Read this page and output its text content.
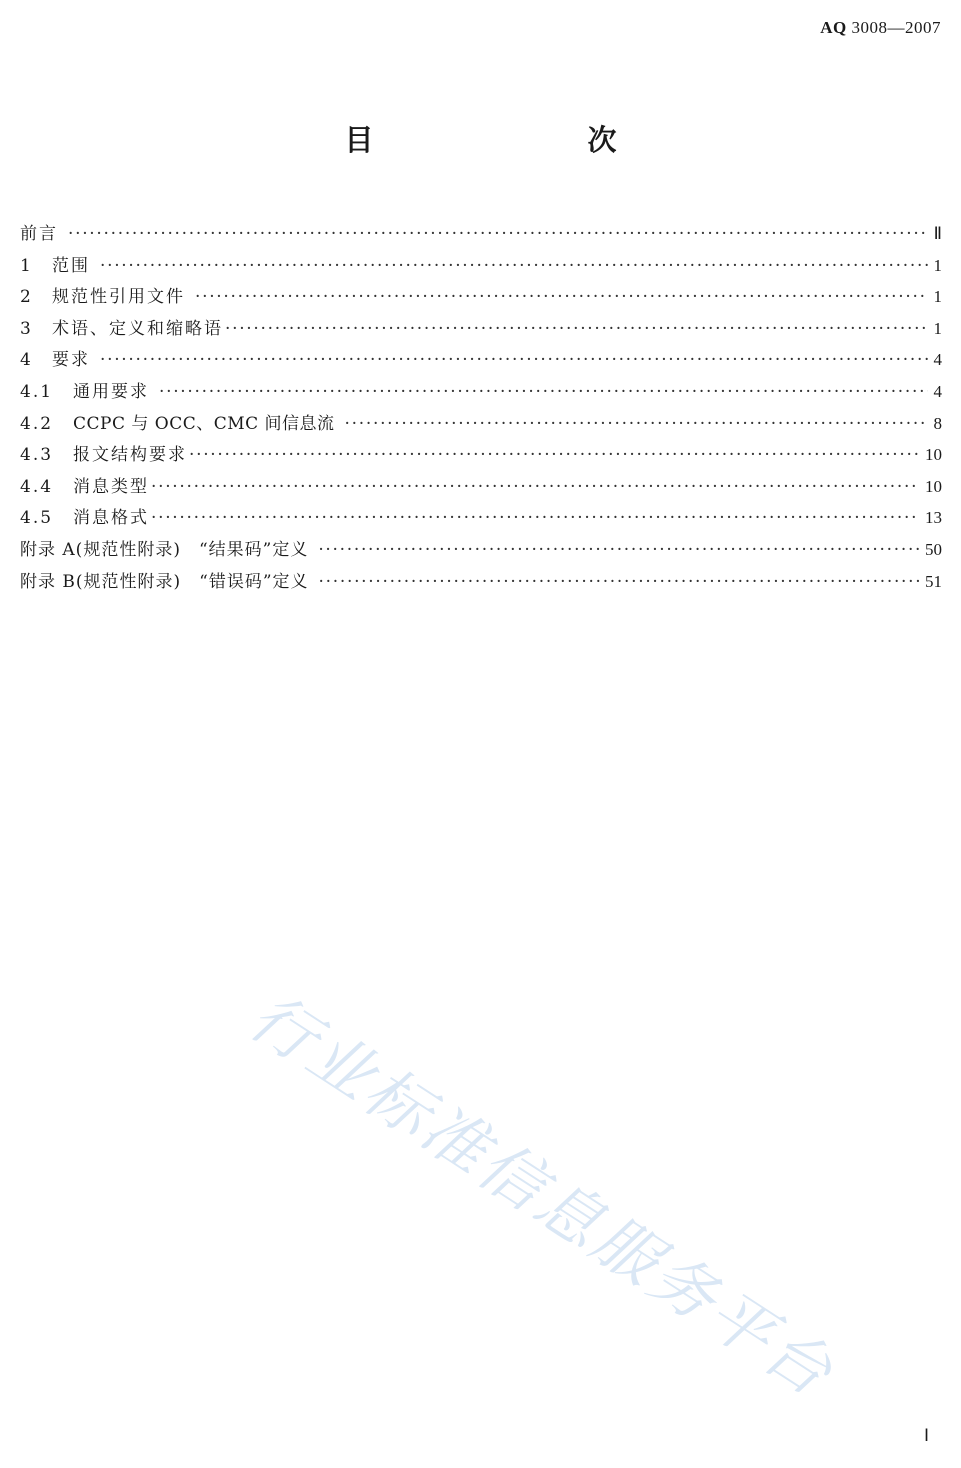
AQ 3008—2007
目　　次
前言 ·····	Ⅱ
1	范围 ·····	1
2	规范性引用文件 ·····	1
3	术语、定义和缩略语 ·····	1
4	要求 ·····	4
4.1	通用要求 ·····	4
4.2	CCPC 与 OCC、CMC 间信息流 ·····	8
4.3	报文结构要求 ·····	10
4.4	消息类型 ·····	10
4.5	消息格式 ·····	13
附录 A(规范性附录)　“结果码”定义 ·····	50
附录 B(规范性附录)　“错误码”定义 ·····	51
行业标准信息服务平台
Ⅰ
